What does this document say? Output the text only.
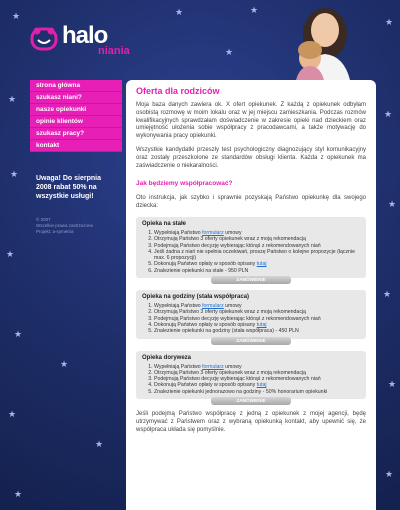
★	★
★
★
★
★
★
★
★
★
★
★
★
★
★
★
★
★
halo
niania
strona główna
szukasz niani?
nasze opiekunki
opinie klientów
szukasz pracy?
kontakt
Uwaga! Do sierpnia 2008 rabat 50% na wszystkie usługi!
© 2007
Wszelkie prawa zastrzeżone
Projekt: a-symetria
Oferta dla rodziców

Moja baza danych zawiera ok. X ofert opiekunek. Z każdą z opiekunek odbyłam osobistą rozmowę w moim lokalu oraz w jej miejscu zamieszkania. Podczas rozmów kwalifikacyjnych sprawdzałam doświadczenie w zakresie opieki nad dzieckiem oraz umiejętność ułożenia sobie współpracy z pracodawcami, a także motywację do wykonywania pracy opiekunki.

Wszystkie kandydatki przeszły test psychologiczny diagnozujący styl komunikacyjny oraz zostały przeszkolone ze standardów obsługi klienta. Każda z opiekunek ma zaświadczenie o niekaralności.

Jak będziemy współpracować?

Oto instrukcja, jak szybko i sprawnie pozyskają Państwo opiekunkę dla swojego dziecka:

Opieka na stałe
1. Wypełniają Państwo formularz umowy
2. Otrzymują Państwo 3 oferty opiekunek wraz z moją rekomendacją
3. Podejmują Państwo decyzję wybierając którąś z rekomendowanych niań
4. Jeśli żadna z niań nie spełnia oczekiwań, proszę Państwo o kolejne propozycje (łącznie max. 6 propozycji)
5. Dokonują Państwo opłaty w sposób opisany tutaj
6. Znalezienie opiekunki na stałe - 950 PLN
ZAMÓWIENIE
Opieka na godziny (stała współpraca)
1. Wypełniają Państwo formularz umowy
2. Otrzymują Państwo 3 oferty opiekunek wraz z moją rekomendacją
3. Podejmują Państwo decyzję wybierając którąś z rekomendowanych niań
4. Dokonują Państwo opłaty w sposób opisany tutaj
5. Znalezienie opiekunki na godziny (stała współpraca) - 450 PLN
ZAMÓWIENIE
Opieka doryweza
1. Wypełniają Państwo formularz umowy
2. Otrzymują Państwo 3 oferty opiekunek wraz z moją rekomendacją
3. Podejmują Państwo decyzję wybierając którąś z rekomendowanych niań
4. Dokonują Państwo opłaty w sposób opisany tutaj
5. Znalezienie opiekunki jednorazowo na godziny - 50% honorarium opiekunki
ZAMÓWIENIE

Jeśli podejmą Państwo współpracę z jedną z opiekunek z mojej agencji, będę utrzymywać z Państwem oraz z wybraną opiekunką kontakt, aby upewnić się, że współpraca układa się pomyślnie.
